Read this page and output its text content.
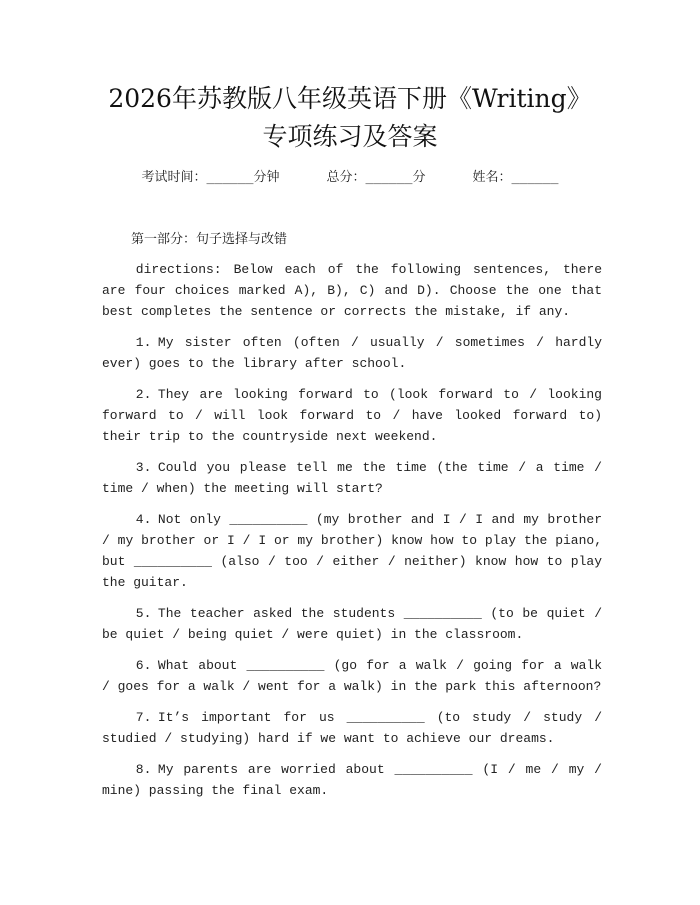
2026年苏教版八年级英语下册《Writing》
专项练习及答案
考试时间：______分钟	总分：______分	姓名：______
第一部分：句子选择与改错

directions: Below each of the following sentences, there are four choices marked A), B), C) and D). Choose the one that best completes the sentence or corrects the mistake, if any.

1. My sister often (often / usually / sometimes / hardly ever) goes to the library after school.

2. They are looking forward to (look forward to / looking forward to / will look forward to / have looked forward to) their trip to the countryside next weekend.

3. Could you please tell me the time (the time / a time / time / when) the meeting will start?

4. Not only __________ (my brother and I / I and my brother / my brother or I / I or my brother) know how to play the piano, but __________ (also / too / either / neither) know how to play the guitar.

5. The teacher asked the students __________ (to be quiet / be quiet / being quiet / were quiet) in the classroom.

6. What about __________ (go for a walk / going for a walk / goes for a walk / went for a walk) in the park this afternoon?

7. It’s important for us __________ (to study / study / studied / studying) hard if we want to achieve our dreams.

8. My parents are worried about __________ (I / me / my / mine) passing the final exam.
